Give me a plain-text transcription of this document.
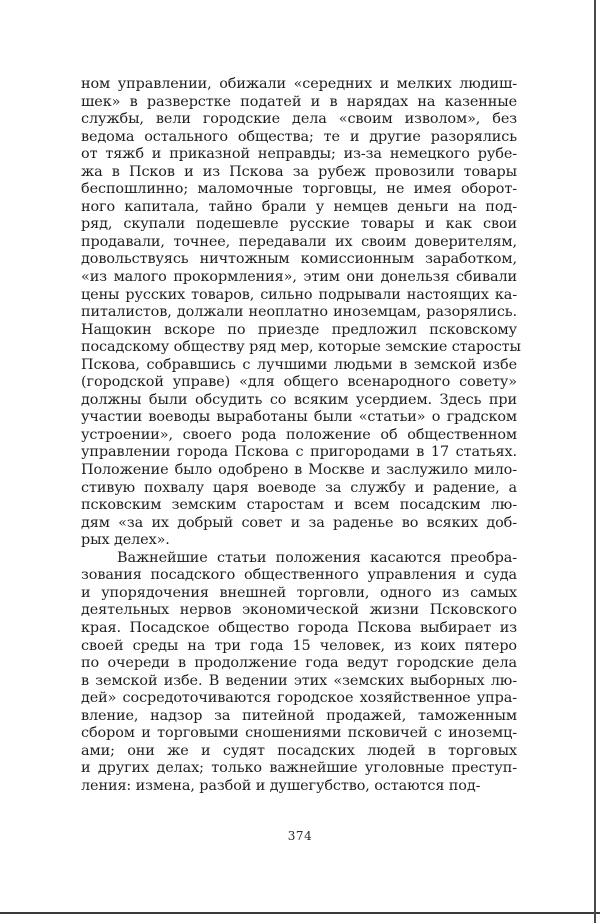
ном управлении, обижали «середних и мелких людиш-
шек» в разверстке податей и в нарядах на казенные
службы, вели городские дела «своим изволом», без
ведома остального общества; те и другие разорялись
от тяжб и приказной неправды; из-за немецкого рубе-
жа в Псков и из Пскова за рубеж провозили товары
беспошлинно; маломочные торговцы, не имея оборот-
ного капитала, тайно брали у немцев деньги на под-
ряд, скупали подешевле русские товары и как свои
продавали, точнее, передавали их своим доверителям,
довольствуясь ничтожным комиссионным заработком,
«из малого прокормления», этим они донельзя сбивали
цены русских товаров, сильно подрывали настоящих ка-
питалистов, должали неоплатно иноземцам, разорялись.
Нащокин вскоре по приезде предложил псковскому
посадскому обществу ряд мер, которые земские старосты
Пскова, собравшись с лучшими людьми в земской избе
(городской управе) «для общего всенародного совету»
должны были обсудить со всяким усердием. Здесь при
участии воеводы выработаны были «статьи» о градском
устроении», своего рода положение об общественном
управлении города Пскова с пригородами в 17 статьях.
Положение было одобрено в Москве и заслужило мило-
стивую похвалу царя воеводе за службу и радение, а
псковским земским старостам и всем посадским лю-
дям «за их добрый совет и за раденье во всяких доб-
рых делех».
Важнейшие статьи положения касаются преобра-
зования посадского общественного управления и суда
и упорядочения внешней торговли, одного из самых
деятельных нервов экономической жизни Псковского
края. Посадское общество города Пскова выбирает из
своей среды на три года 15 человек, из коих пятеро
по очереди в продолжение года ведут городские дела
в земской избе. В ведении этих «земских выборных лю-
дей» сосредоточиваются городское хозяйственное упра-
вление, надзор за питейной продажей, таможенным
сбором и торговыми сношениями псковичей с иноземц-
ами; они же и судят посадских людей в торговых
и других делах; только важнейшие уголовные преступ-
ления: измена, разбой и душегубство, остаются под-
374
